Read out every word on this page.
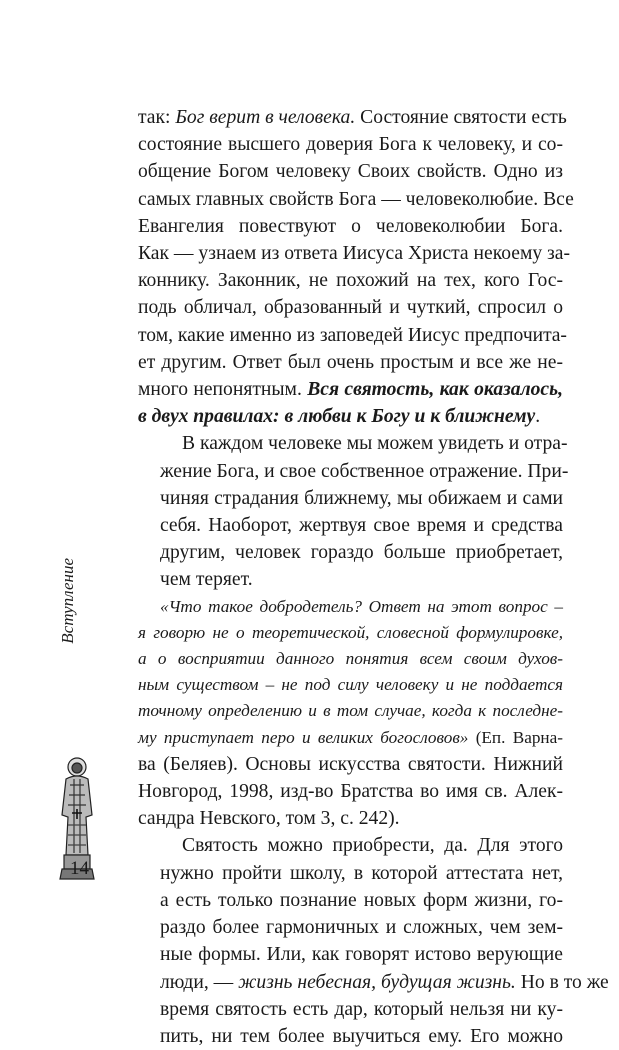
так: Бог верит в человека. Состояние святости есть
состояние высшего доверия Бога к человеку, и со-
общение Богом человеку Своих свойств. Одно из
самых главных свойств Бога — человеколюбие. Все
Евангелия повествуют о человеколюбии Бога.
Как — узнаем из ответа Иисуса Христа некоему за-
коннику. Законник, не похожий на тех, кого Гос-
подь обличал, образованный и чуткий, спросил о
том, какие именно из заповедей Иисус предпочитa-
ет другим. Ответ был очень простым и все же не-
много непонятным. Вся святость, как оказалось,
в двух правилах: в любви к Богу и к ближнему.
В каждом человеке мы можем увидеть и отра-
жение Бога, и свое собственное отражение. При-
чиняя страдания ближнему, мы обижаем и сами
себя. Наоборот, жертвуя свое время и средства
другим, человек гораздо больше приобретает,
чем теряет.
«Что такое добродетель? Ответ на этот вопрос –
я говорю не о теоретической, словесной формулировке,
а о восприятии данного понятия всем своим духов-
ным существом – не под силу человеку и не поддается
точному определению и в том случае, когда к последне-
му приступает перо и великих богословов» (Еп. Варна-
ва (Беляев). Основы искусства святости. Нижний
Новгород, 1998, изд-во Братства во имя св. Алек-
сандра Невского, том 3, с. 242).
Святость можно приобрести, да. Для этого
нужно пройти школу, в которой аттестата нет,
а есть только познание новых форм жизни, го-
раздо более гармоничных и сложных, чем зем-
ные формы. Или, как говорят истово верующие
люди, — жизнь небесная, будущая жизнь. Но в то же
время святость есть дар, который нельзя ни ку-
пить, ни тем более выучиться ему. Его можно
Вступление
14
